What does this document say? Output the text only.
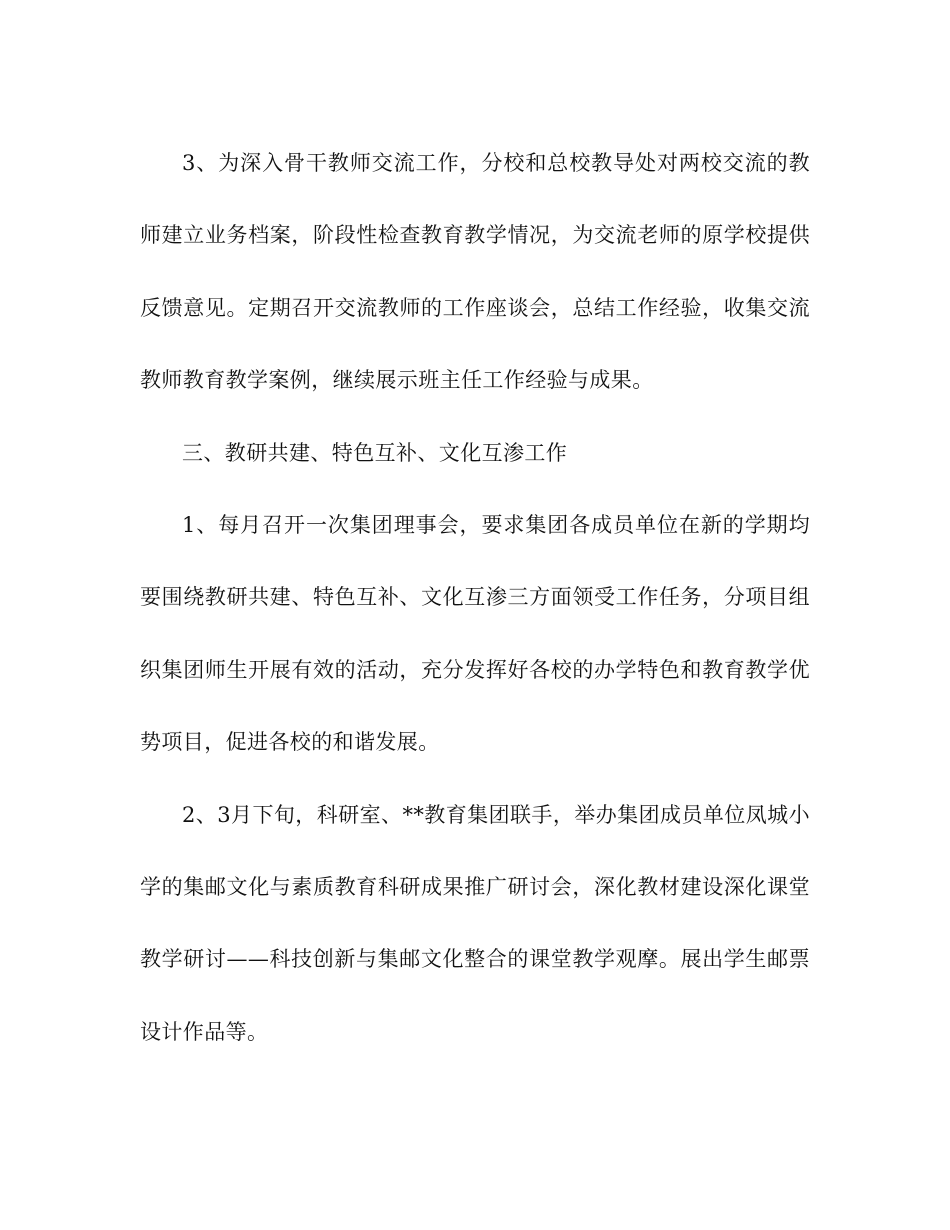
3、为深入骨干教师交流工作，分校和总校教导处对两校交流的教师建立业务档案，阶段性检查教育教学情况，为交流老师的原学校提供反馈意见。定期召开交流教师的工作座谈会，总结工作经验，收集交流教师教育教学案例，继续展示班主任工作经验与成果。

三、教研共建、特色互补、文化互渗工作

1、每月召开一次集团理事会，要求集团各成员单位在新的学期均要围绕教研共建、特色互补、文化互渗三方面领受工作任务，分项目组织集团师生开展有效的活动，充分发挥好各校的办学特色和教育教学优势项目，促进各校的和谐发展。

2、3月下旬，科研室、**教育集团联手，举办集团成员单位凤城小学的集邮文化与素质教育科研成果推广研讨会，深化教材建设深化课堂教学研讨——科技创新与集邮文化整合的课堂教学观摩。展出学生邮票设计作品等。
